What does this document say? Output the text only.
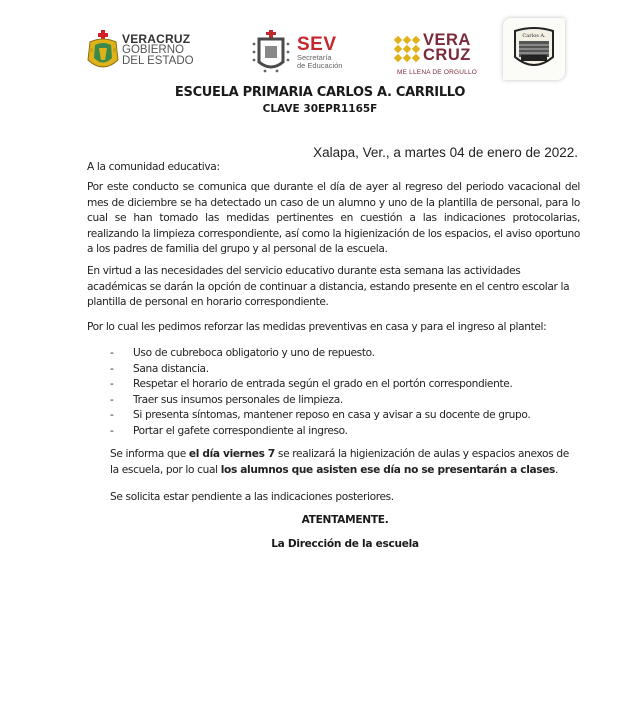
VERACRUZ
GOBIERNO
DEL ESTADO
SEV
Secretaría
de Educación
VERA
CRUZ
ME LLENA DE ORGULLO
Carlos A.
ESCUELA PRIMARIA CARLOS A. CARRILLO
CLAVE 30EPR1165F
Xalapa, Ver., a martes 04 de enero de 2022.
A la comunidad educativa:
Por este conducto se comunica que durante el día de ayer al regreso del periodo vacacional del mes de diciembre se ha detectado un caso de un alumno y uno de la plantilla de personal, para lo cual se han tomado las medidas pertinentes en cuestión a las indicaciones protocolarias, realizando la limpieza correspondiente, así como la higienización de los espacios, el aviso oportuno a los padres de familia del grupo y al personal de la escuela.
En virtud a las necesidades del servicio educativo durante esta semana las actividades académicas se darán la opción de continuar a distancia, estando presente en el centro escolar la plantilla de personal en horario correspondiente.
Por lo cual les pedimos reforzar las medidas preventivas en casa y para el ingreso al plantel:
- Uso de cubreboca obligatorio y uno de repuesto.
- Sana distancia.
- Respetar el horario de entrada según el grado en el portón correspondiente.
- Traer sus insumos personales de limpieza.
- Si presenta síntomas, mantener reposo en casa y avisar a su docente de grupo.
- Portar el gafete correspondiente al ingreso.
Se informa que el día viernes 7 se realizará la higienización de aulas y espacios anexos de la escuela, por lo cual los alumnos que asisten ese día no se presentarán a clases.
Se solicita estar pendiente a las indicaciones posteriores.
ATENTAMENTE.
La Dirección de la escuela
